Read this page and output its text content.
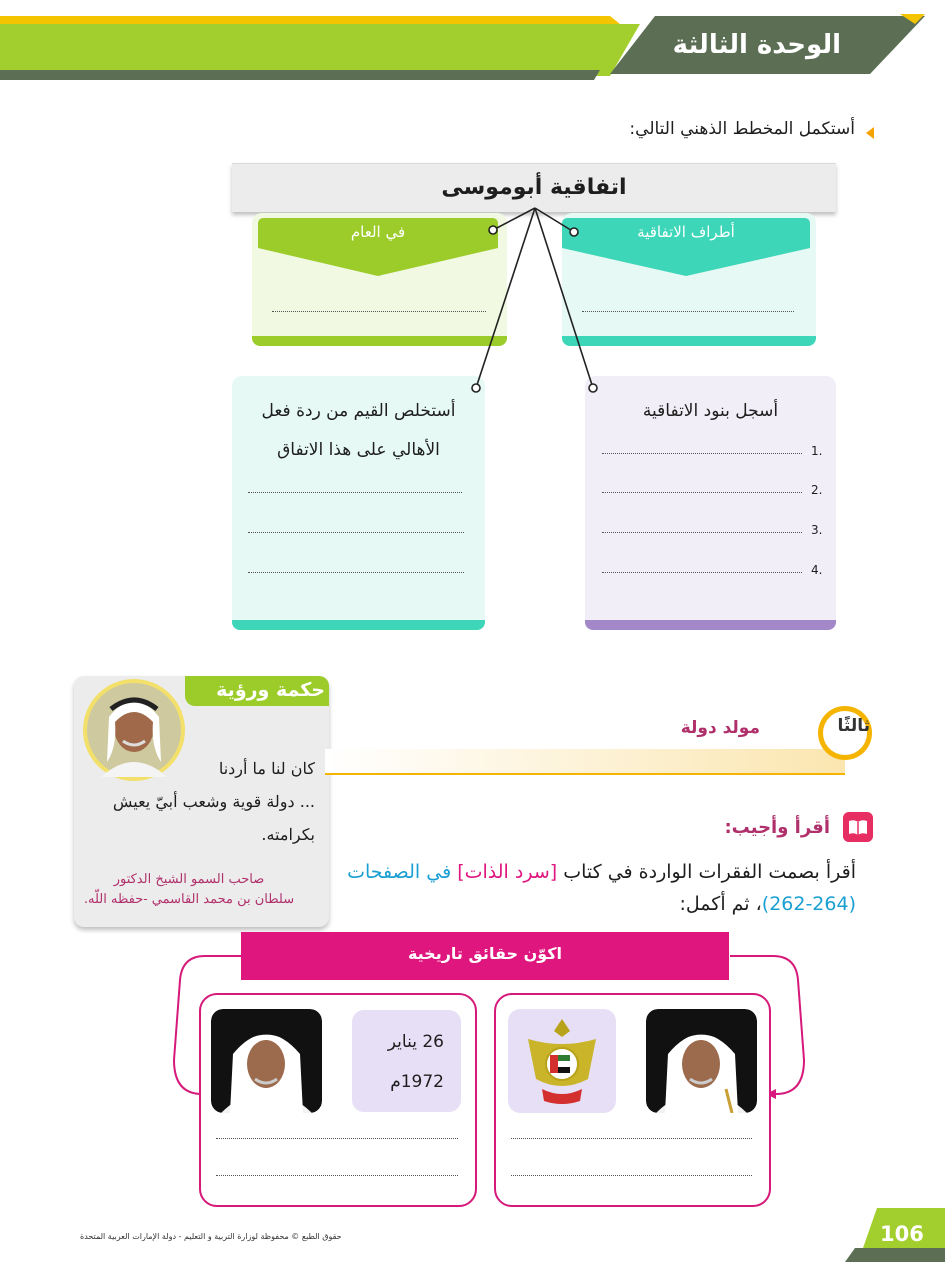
الوحدة الثالثة
أستكمل المخطط الذهني التالي:
اتفاقية أبوموسى
أطراف الاتفاقية
في العام
أسجل بنود الاتفاقية
1.
2.
3.
4.
أستخلص القيم من ردة فعل
الأهالي على هذا الاتفاق
حكمة ورؤية
كان لنا ما أردنا
... دولة قوية وشعب أبيّ يعيش
بكرامته.
صاحب السمو الشيخ الدكتور
سلطان بن محمد القاسمي -حفظه اللّه.
ثالثًا
مولد دولة
أقرأ وأجيب:
أقرأ بصمت الفقرات الواردة في كتاب [سرد الذات] في الصفحات
(262-264)، ثم أكمل:
اكوّن حقائق تاريخية
26 يناير
1972م
106
حقوق الطبع © محفوظة لوزارة التربية و التعليم - دولة الإمارات العربية المتحدة
